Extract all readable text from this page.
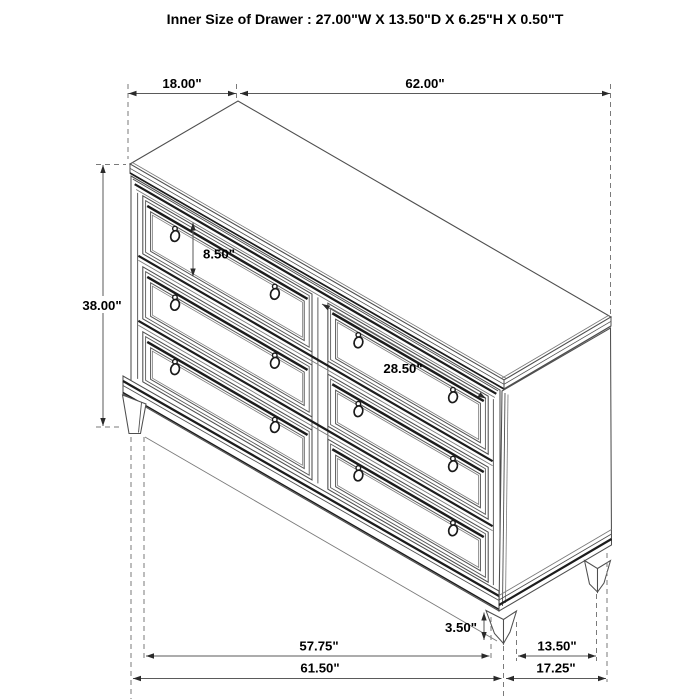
18.00"	62.00"
38.00"
8.50"
28.50"
3.50"
57.75"	13.50"
61.50"	17.25"
Inner Size of Drawer : 27.00"W X 13.50"D X 6.25"H X 0.50"T
